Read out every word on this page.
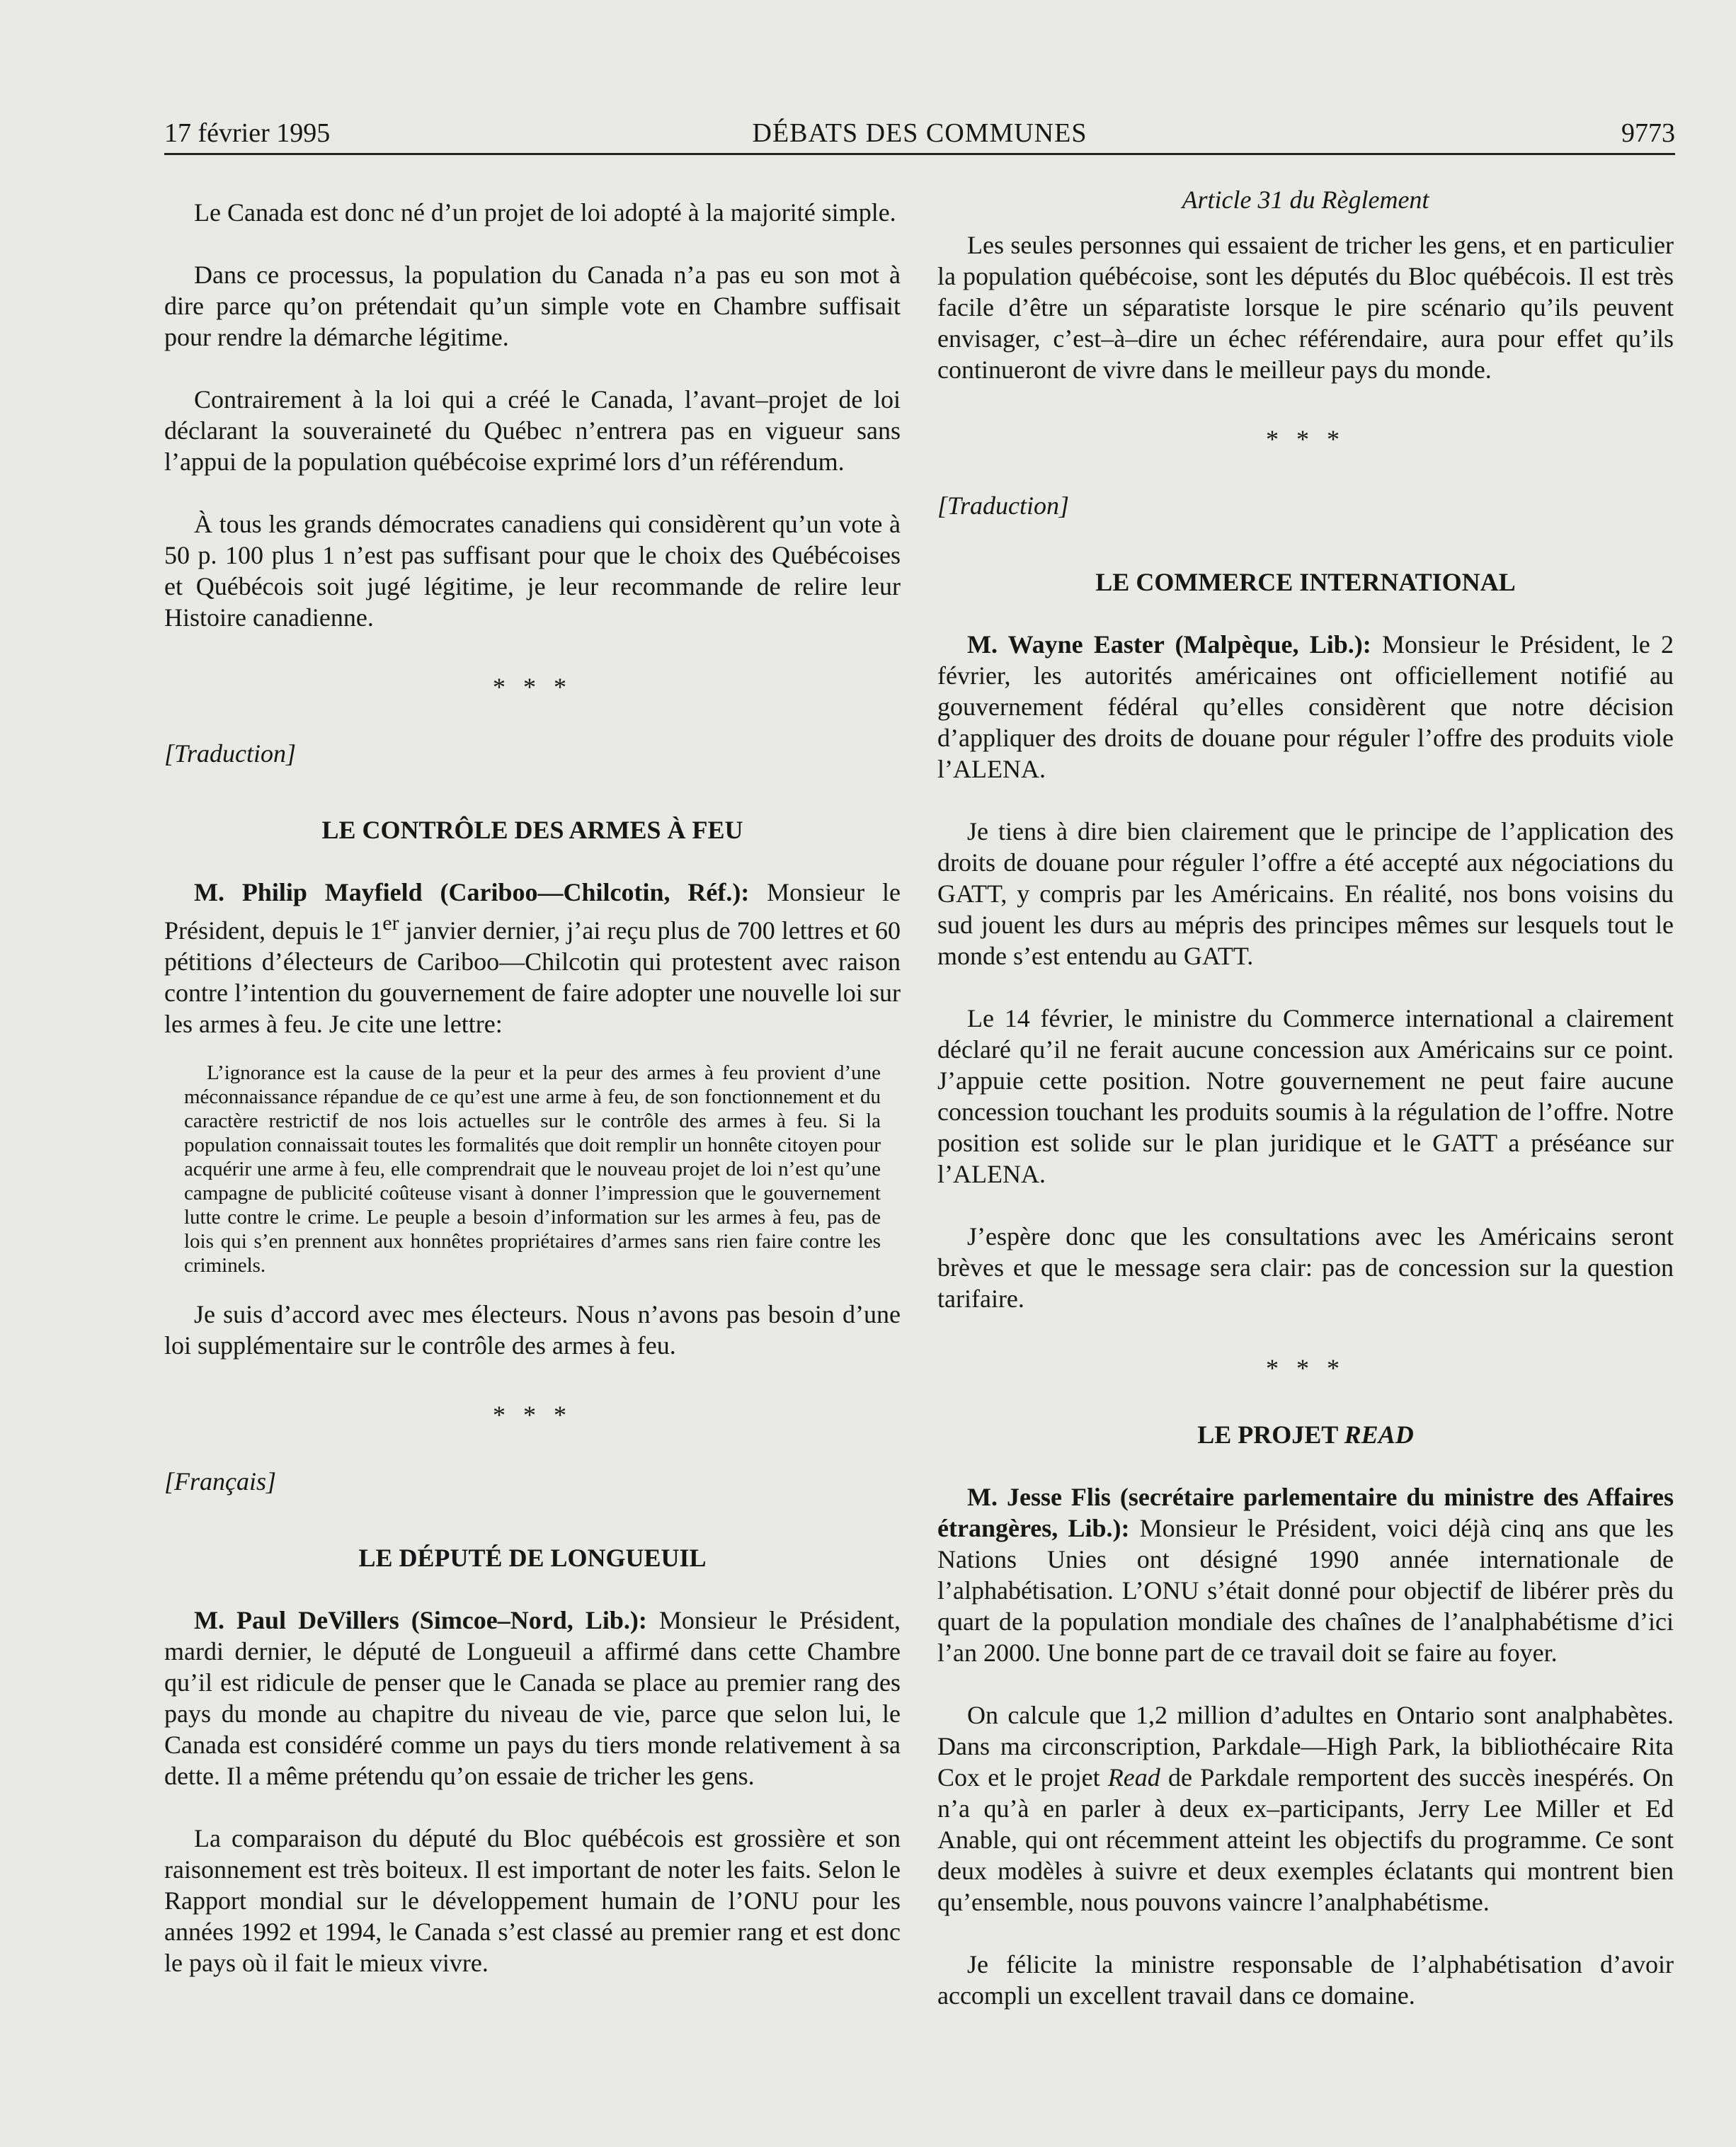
17 février 1995	DÉBATS DES COMMUNES	9773

Le Canada est donc né d’un projet de loi adopté à la majorité simple.

Dans ce processus, la population du Canada n’a pas eu son mot à dire parce qu’on prétendait qu’un simple vote en Chambre suffisait pour rendre la démarche légitime.

Contrairement à la loi qui a créé le Canada, l’avant–projet de loi déclarant la souveraineté du Québec n’entrera pas en vigueur sans l’appui de la population québécoise exprimé lors d’un référendum.

À tous les grands démocrates canadiens qui considèrent qu’un vote à 50 p. 100 plus 1 n’est pas suffisant pour que le choix des Québécoises et Québécois soit jugé légitime, je leur recommande de relire leur Histoire canadienne.

* * *
[Traduction]
LE CONTRÔLE DES ARMES À FEU

M. Philip Mayfield (Cariboo—Chilcotin, Réf.): Monsieur le Président, depuis le 1er janvier dernier, j’ai reçu plus de 700 lettres et 60 pétitions d’électeurs de Cariboo—Chilcotin qui protestent avec raison contre l’intention du gouvernement de faire adopter une nouvelle loi sur les armes à feu. Je cite une lettre:

L’ignorance est la cause de la peur et la peur des armes à feu provient d’une méconnaissance répandue de ce qu’est une arme à feu, de son fonctionnement et du caractère restrictif de nos lois actuelles sur le contrôle des armes à feu. Si la population connaissait toutes les formalités que doit remplir un honnête citoyen pour acquérir une arme à feu, elle comprendrait que le nouveau projet de loi n’est qu’une campagne de publicité coûteuse visant à donner l’impression que le gouvernement lutte contre le crime. Le peuple a besoin d’information sur les armes à feu, pas de lois qui s’en prennent aux honnêtes propriétaires d’armes sans rien faire contre les criminels.

Je suis d’accord avec mes électeurs. Nous n’avons pas besoin d’une loi supplémentaire sur le contrôle des armes à feu.

* * *
[Français]
LE DÉPUTÉ DE LONGUEUIL

M. Paul DeVillers (Simcoe–Nord, Lib.): Monsieur le Président, mardi dernier, le député de Longueuil a affirmé dans cette Chambre qu’il est ridicule de penser que le Canada se place au premier rang des pays du monde au chapitre du niveau de vie, parce que selon lui, le Canada est considéré comme un pays du tiers monde relativement à sa dette. Il a même prétendu qu’on essaie de tricher les gens.

La comparaison du député du Bloc québécois est grossière et son raisonnement est très boiteux. Il est important de noter les faits. Selon le Rapport mondial sur le développement humain de l’ONU pour les années 1992 et 1994, le Canada s’est classé au premier rang et est donc le pays où il fait le mieux vivre.

Article 31 du Règlement

Les seules personnes qui essaient de tricher les gens, et en particulier la population québécoise, sont les députés du Bloc québécois. Il est très facile d’être un séparatiste lorsque le pire scénario qu’ils peuvent envisager, c’est–à–dire un échec référendaire, aura pour effet qu’ils continueront de vivre dans le meilleur pays du monde.

* * *
[Traduction]
LE COMMERCE INTERNATIONAL

M. Wayne Easter (Malpèque, Lib.): Monsieur le Président, le 2 février, les autorités américaines ont officiellement notifié au gouvernement fédéral qu’elles considèrent que notre décision d’appliquer des droits de douane pour réguler l’offre des produits viole l’ALENA.

Je tiens à dire bien clairement que le principe de l’application des droits de douane pour réguler l’offre a été accepté aux négociations du GATT, y compris par les Américains. En réalité, nos bons voisins du sud jouent les durs au mépris des principes mêmes sur lesquels tout le monde s’est entendu au GATT.

Le 14 février, le ministre du Commerce international a clairement déclaré qu’il ne ferait aucune concession aux Américains sur ce point. J’appuie cette position. Notre gouvernement ne peut faire aucune concession touchant les produits soumis à la régulation de l’offre. Notre position est solide sur le plan juridique et le GATT a préséance sur l’ALENA.

J’espère donc que les consultations avec les Américains seront brèves et que le message sera clair: pas de concession sur la question tarifaire.

* * *
LE PROJET READ

M. Jesse Flis (secrétaire parlementaire du ministre des Affaires étrangères, Lib.): Monsieur le Président, voici déjà cinq ans que les Nations Unies ont désigné 1990 année internationale de l’alphabétisation. L’ONU s’était donné pour objectif de libérer près du quart de la population mondiale des chaînes de l’analphabétisme d’ici l’an 2000. Une bonne part de ce travail doit se faire au foyer.

On calcule que 1,2 million d’adultes en Ontario sont analphabètes. Dans ma circonscription, Parkdale—High Park, la bibliothécaire Rita Cox et le projet Read de Parkdale remportent des succès inespérés. On n’a qu’à en parler à deux ex–participants, Jerry Lee Miller et Ed Anable, qui ont récemment atteint les objectifs du programme. Ce sont deux modèles à suivre et deux exemples éclatants qui montrent bien qu’ensemble, nous pouvons vaincre l’analphabétisme.

Je félicite la ministre responsable de l’alphabétisation d’avoir accompli un excellent travail dans ce domaine.
